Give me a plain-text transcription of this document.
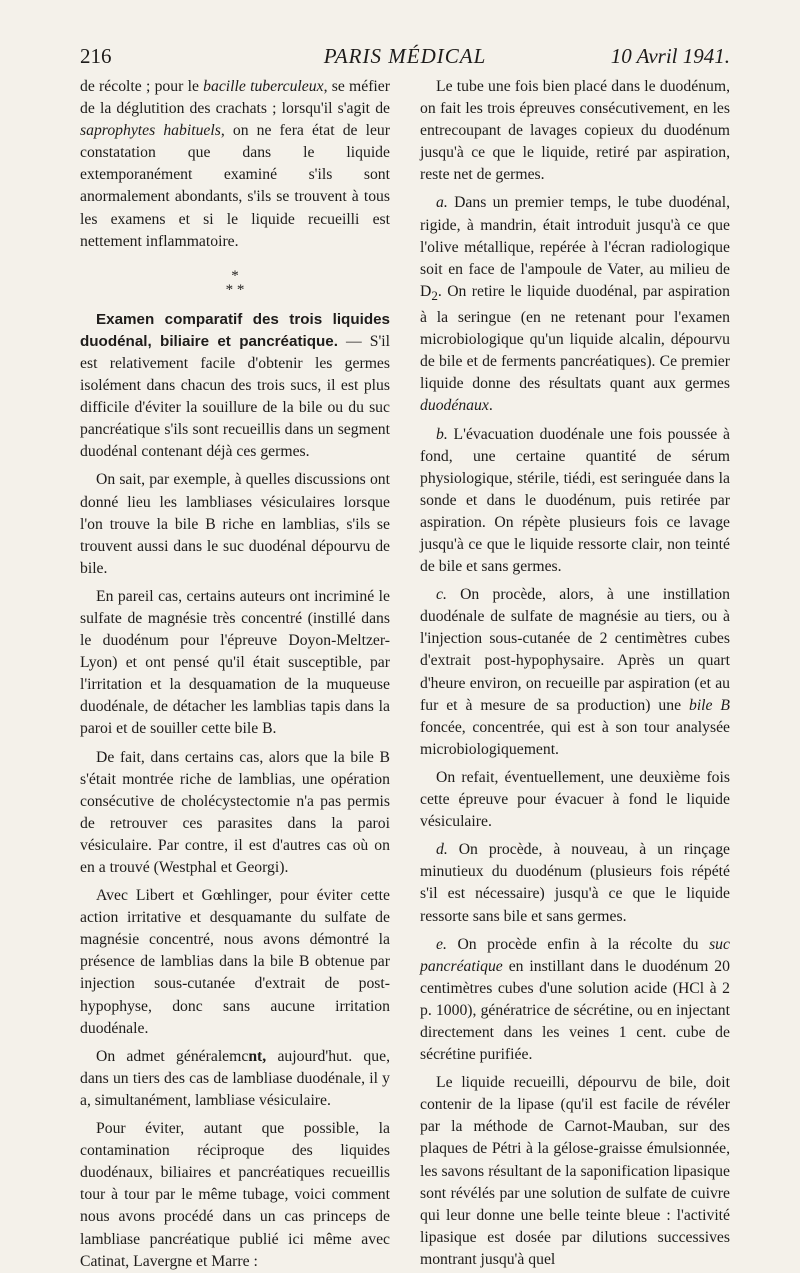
216	PARIS MÉDICAL	10 Avril 1941.

de récolte ; pour le bacille tuberculeux, se méfier de la déglutition des crachats ; lorsqu'il s'agit de saprophytes habituels, on ne fera état de leur constatation que dans le liquide extemporanément examiné s'ils sont anormalement abondants, s'ils se trouvent à tous les examens et si le liquide recueilli est nettement inflammatoire.

*
* *

Examen comparatif des trois liquides duodénal, biliaire et pancréatique. — S'il est relativement facile d'obtenir les germes isolément dans chacun des trois sucs, il est plus difficile d'éviter la souillure de la bile ou du suc pancréatique s'ils sont recueillis dans un segment duodénal contenant déjà ces germes.

On sait, par exemple, à quelles discussions ont donné lieu les lambliases vésiculaires lorsque l'on trouve la bile B riche en lamblias, s'ils se trouvent aussi dans le suc duodénal dépourvu de bile.

En pareil cas, certains auteurs ont incriminé le sulfate de magnésie très concentré (instillé dans le duodénum pour l'épreuve Doyon-Meltzer-Lyon) et ont pensé qu'il était susceptible, par l'irritation et la desquamation de la muqueuse duodénale, de détacher les lamblias tapis dans la paroi et de souiller cette bile B.

De fait, dans certains cas, alors que la bile B s'était montrée riche de lamblias, une opération consécutive de cholécystectomie n'a pas permis de retrouver ces parasites dans la paroi vésiculaire. Par contre, il est d'autres cas où on en a trouvé (Westphal et Georgi).

Avec Libert et Gœhlinger, pour éviter cette action irritative et desquamante du sulfate de magnésie concentré, nous avons démontré la présence de lamblias dans la bile B obtenue par injection sous-cutanée d'extrait de post-hypophyse, donc sans aucune irritation duodénale.

On admet généralemcnt, aujourd'hut. que, dans un tiers des cas de lambliase duodénale, il y a, simultanément, lambliase vésiculaire.

Pour éviter, autant que possible, la contamination réciproque des liquides duodénaux, biliaires et pancréatiques recueillis tour à tour par le même tubage, voici comment nous avons procédé dans un cas princeps de lambliase pancréatique publié ici même avec Catinat, Lavergne et Marre :

Le tube une fois bien placé dans le duodénum, on fait les trois épreuves consécutivement, en les entrecoupant de lavages copieux du duodénum jusqu'à ce que le liquide, retiré par aspiration, reste net de germes.

a. Dans un premier temps, le tube duodénal, rigide, à mandrin, était introduit jusqu'à ce que l'olive métallique, repérée à l'écran radiologique soit en face de l'ampoule de Vater, au milieu de $D_2$. On retire le liquide duodénal, par aspiration à la seringue (en ne retenant pour l'examen microbiologique qu'un liquide alcalin, dépourvu de bile et de ferments pancréatiques). Ce premier liquide donne des résultats quant aux germes duodénaux.

b. L'évacuation duodénale une fois poussée à fond, une certaine quantité de sérum physiologique, stérile, tiédi, est seringuée dans la sonde et dans le duodénum, puis retirée par aspiration. On répète plusieurs fois ce lavage jusqu'à ce que le liquide ressorte clair, non teinté de bile et sans germes.

c. On procède, alors, à une instillation duodénale de sulfate de magnésie au tiers, ou à l'injection sous-cutanée de 2 centimètres cubes d'extrait post-hypophysaire. Après un quart d'heure environ, on recueille par aspiration (et au fur et à mesure de sa production) une bile B foncée, concentrée, qui est à son tour analysée microbiologiquement.

On refait, éventuellement, une deuxième fois cette épreuve pour évacuer à fond le liquide vésiculaire.

d. On procède, à nouveau, à un rinçage minutieux du duodénum (plusieurs fois répété s'il est nécessaire) jusqu'à ce que le liquide ressorte sans bile et sans germes.

e. On procède enfin à la récolte du suc pancréatique en instillant dans le duodénum 20 centimètres cubes d'une solution acide (HCl à 2 p. 1000), génératrice de sécrétine, ou en injectant directement dans les veines 1 cent. cube de sécrétine purifiée.

Le liquide recueilli, dépourvu de bile, doit contenir de la lipase (qu'il est facile de révéler par la méthode de Carnot-Mauban, sur des plaques de Pétri à la gélose-graisse émulsionnée, les savons résultant de la saponification lipasique sont révélés par une solution de sulfate de cuivre qui leur donne une belle teinte bleue : l'activité lipasique est dosée par dilutions successives montrant jusqu'à quel
